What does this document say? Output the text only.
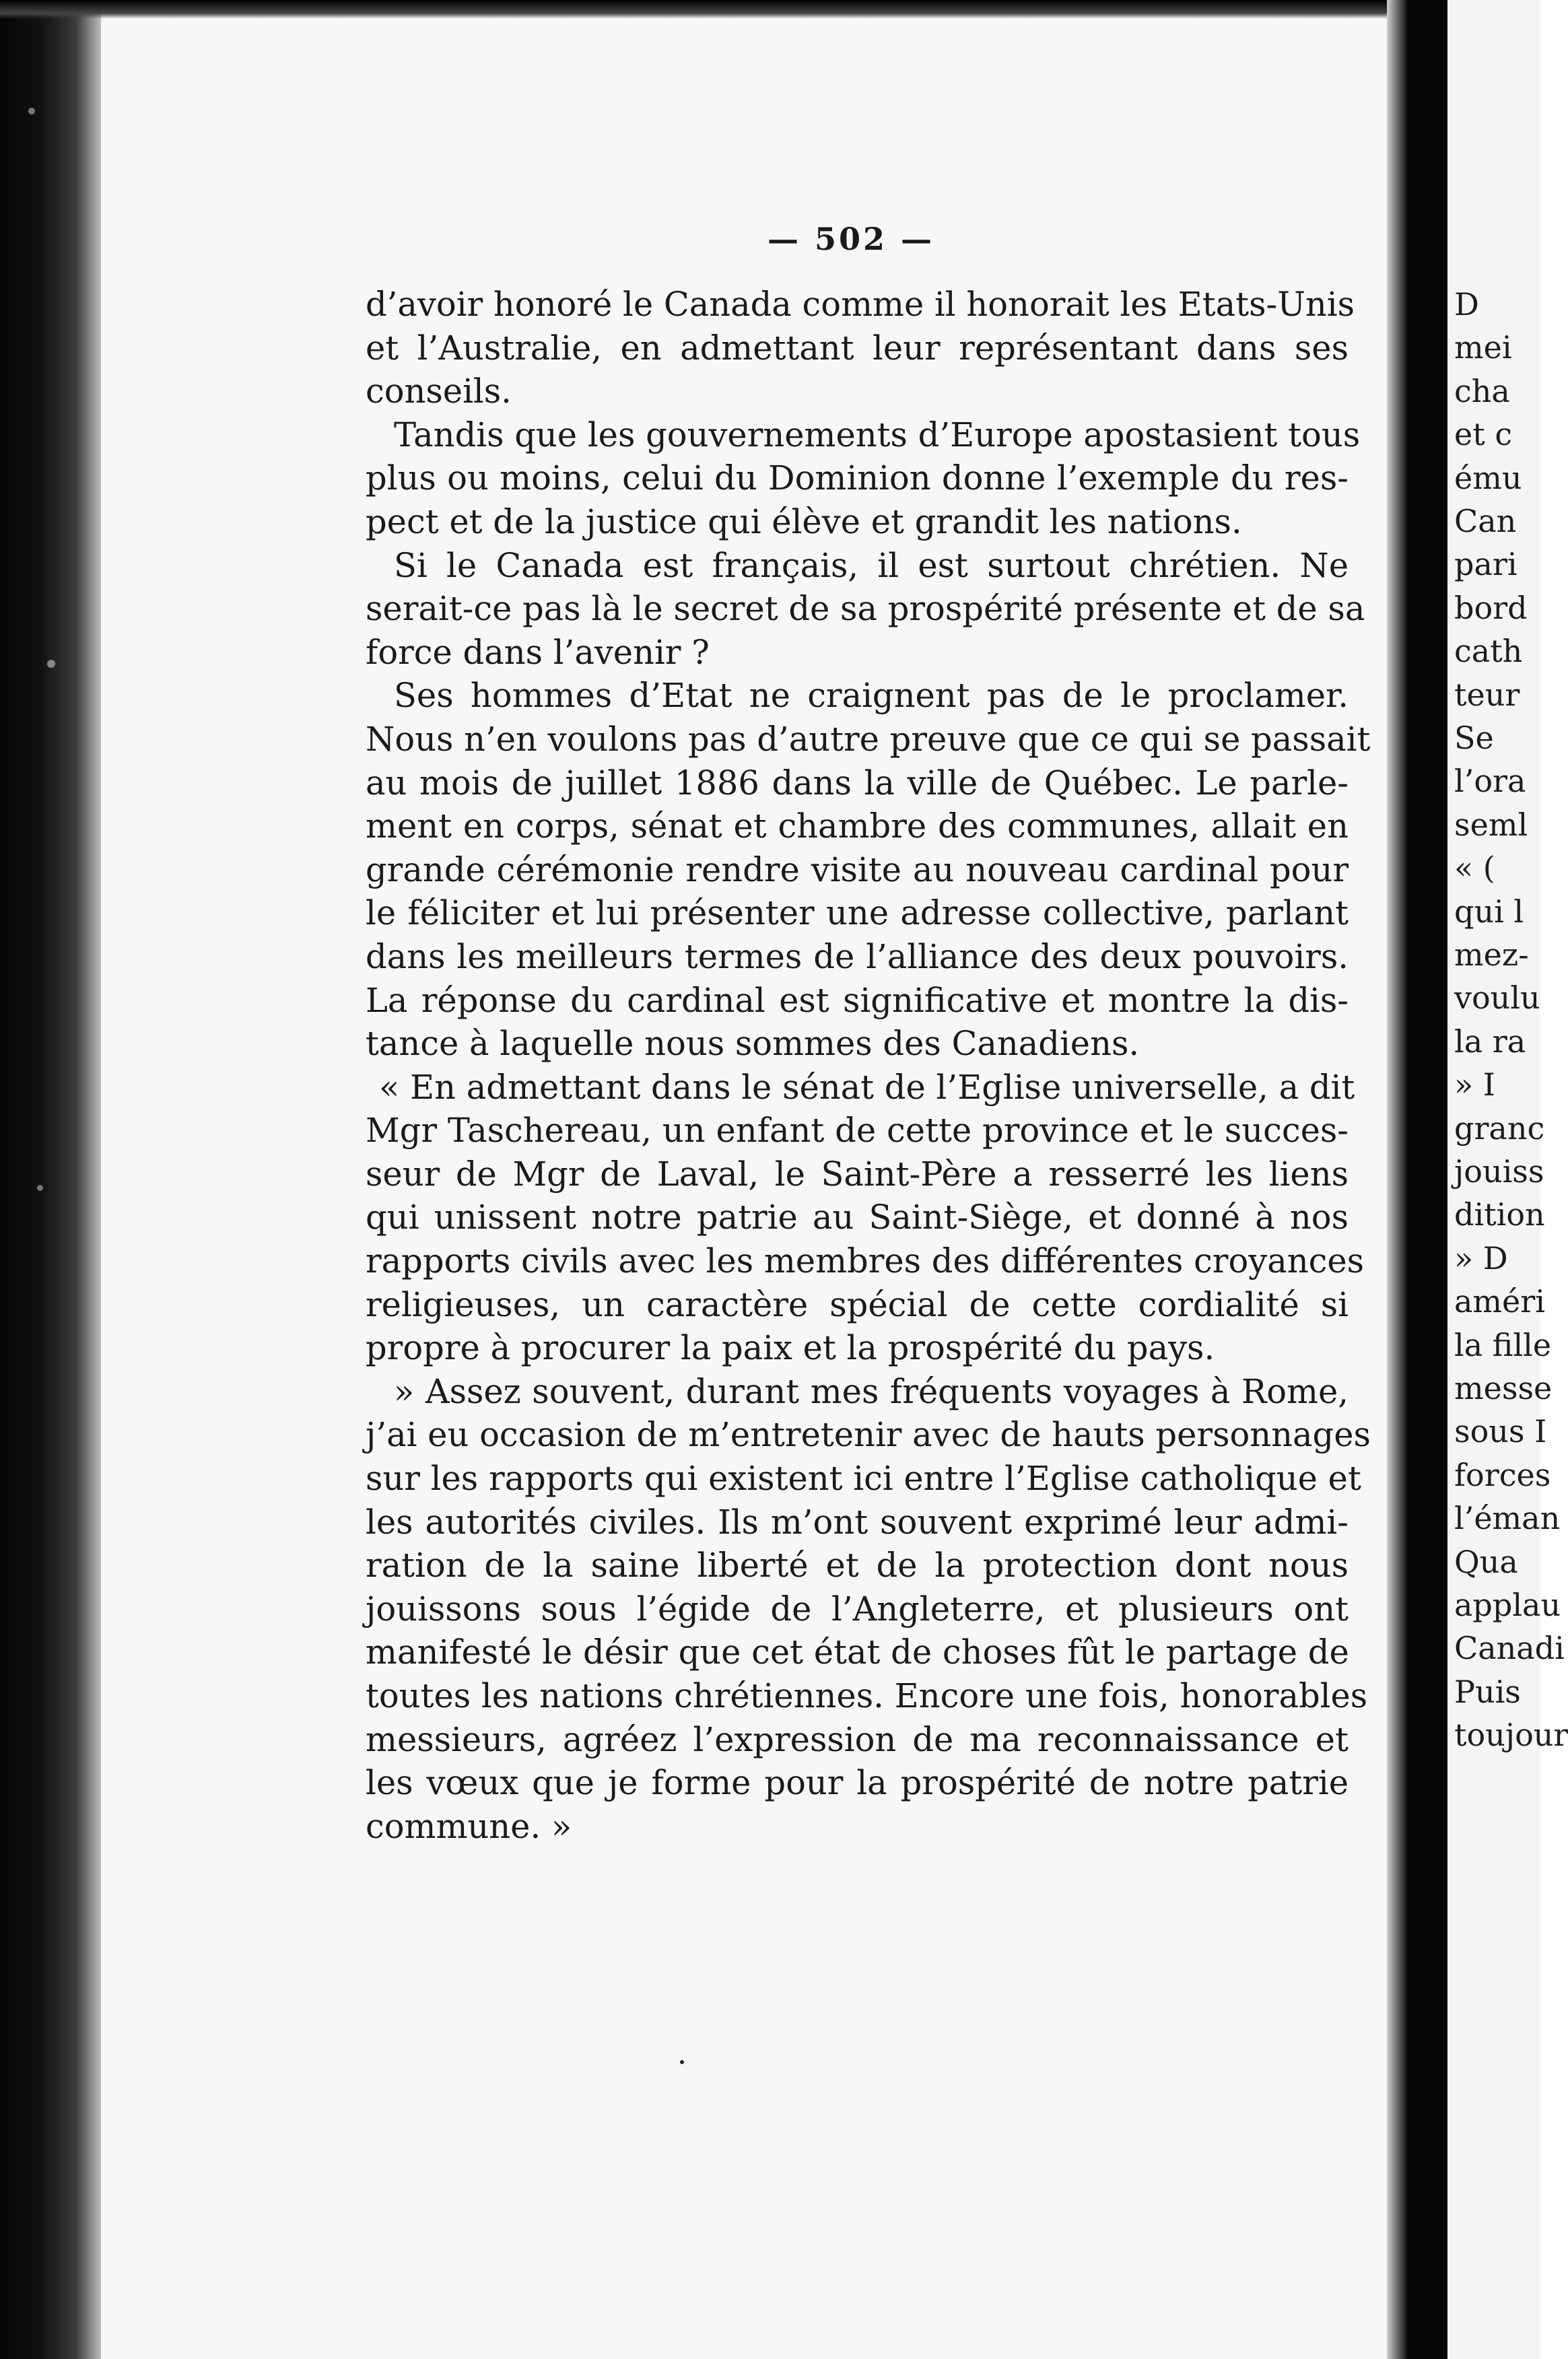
D
mei
cha
et c
ému
Can
pari
bord
cath
teur
Se
l’ora
seml
« (
qui l
mez-
voulu
la ra
» I
granc
jouiss
dition
» D
améri
la fille
messe
sous I
forces
l’éman
Qua
applau
Canadi
Puis
toujour
— 502 —
d’avoir honoré le Canada comme il honorait les Etats-Unis
et l’Australie, en admettant leur représentant dans ses
conseils.
Tandis que les gouvernements d’Europe apostasient tous
plus ou moins, celui du Dominion donne l’exemple du res-
pect et de la justice qui élève et grandit les nations.
Si le Canada est français, il est surtout chrétien. Ne
serait-ce pas là le secret de sa prospérité présente et de sa
force dans l’avenir ?
Ses hommes d’Etat ne craignent pas de le proclamer.
Nous n’en voulons pas d’autre preuve que ce qui se passait
au mois de juillet 1886 dans la ville de Québec. Le parle-
ment en corps, sénat et chambre des communes, allait en
grande cérémonie rendre visite au nouveau cardinal pour
le féliciter et lui présenter une adresse collective, parlant
dans les meilleurs termes de l’alliance des deux pouvoirs.
La réponse du cardinal est significative et montre la dis-
tance à laquelle nous sommes des Canadiens.
« En admettant dans le sénat de l’Eglise universelle, a dit
Mgr Taschereau, un enfant de cette province et le succes-
seur de Mgr de Laval, le Saint-Père a resserré les liens
qui unissent notre patrie au Saint-Siège, et donné à nos
rapports civils avec les membres des différentes croyances
religieuses, un caractère spécial de cette cordialité si
propre à procurer la paix et la prospérité du pays.
» Assez souvent, durant mes fréquents voyages à Rome,
j’ai eu occasion de m’entretenir avec de hauts personnages
sur les rapports qui existent ici entre l’Eglise catholique et
les autorités civiles. Ils m’ont souvent exprimé leur admi-
ration de la saine liberté et de la protection dont nous
jouissons sous l’égide de l’Angleterre, et plusieurs ont
manifesté le désir que cet état de choses fût le partage de
toutes les nations chrétiennes. Encore une fois, honorables
messieurs, agréez l’expression de ma reconnaissance et
les vœux que je forme pour la prospérité de notre patrie
commune. »
